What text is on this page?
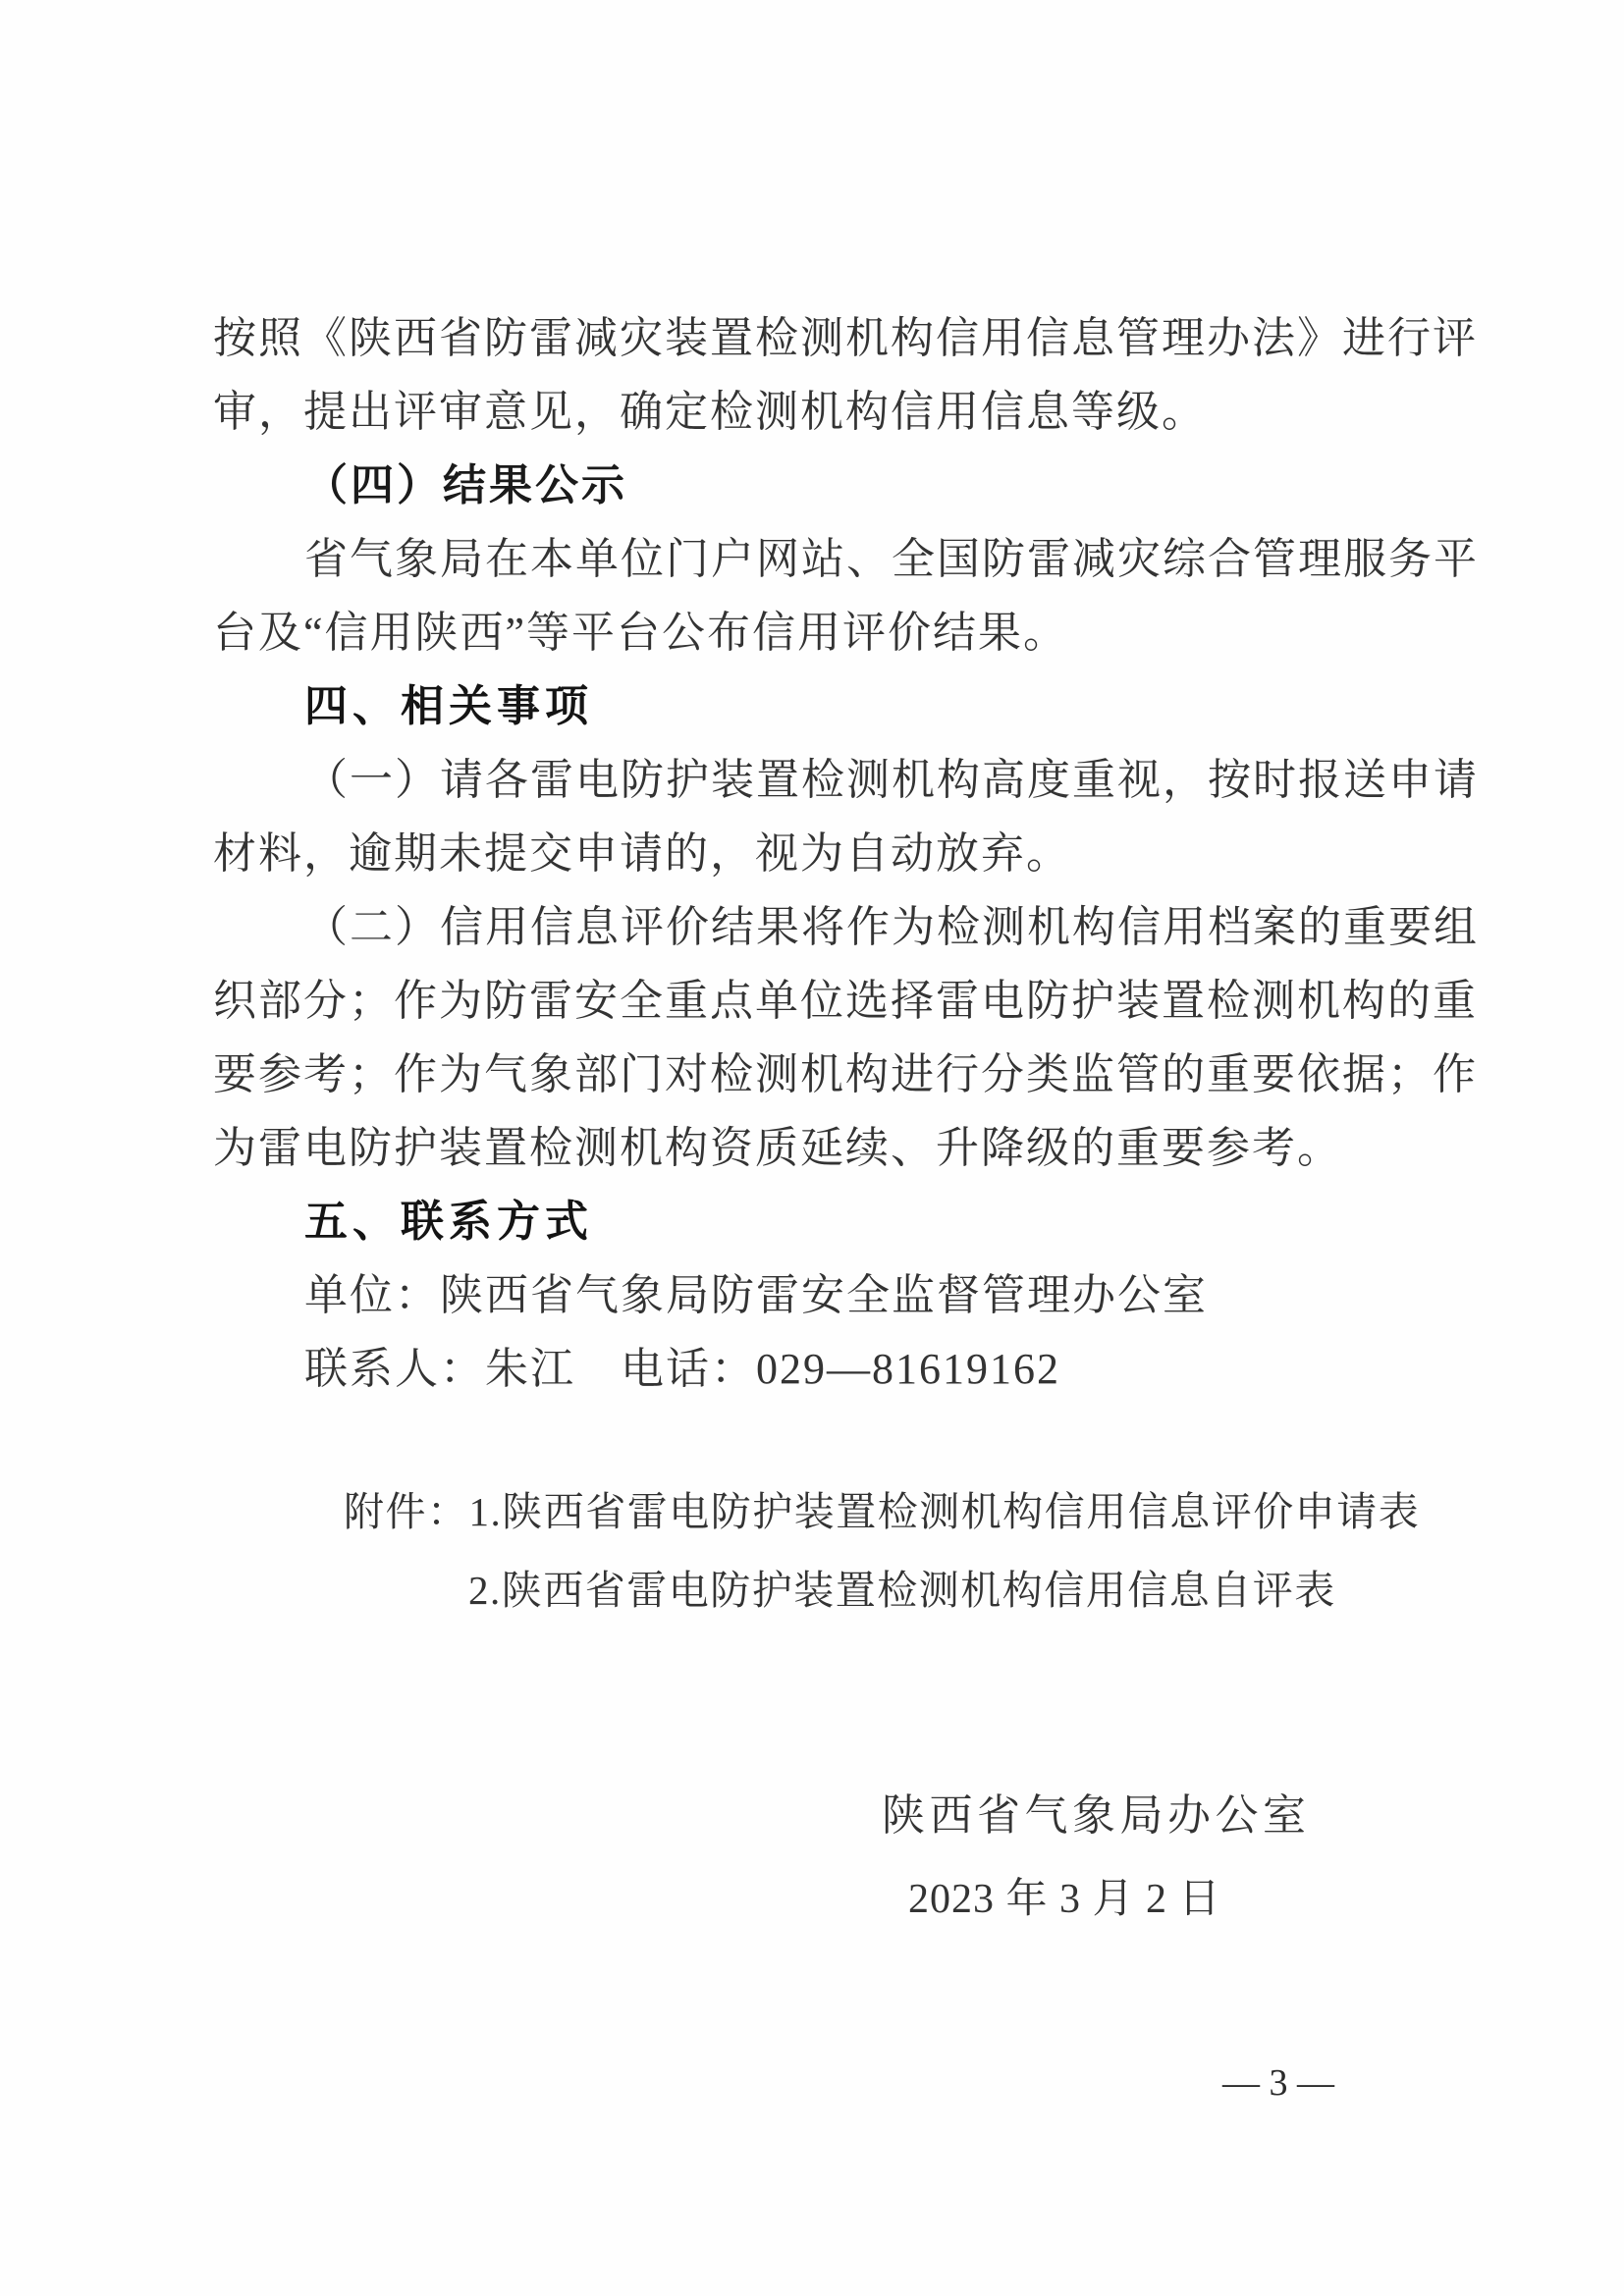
按照《陕西省防雷减灾装置检测机构信用信息管理办法》进行评
审，提出评审意见，确定检测机构信用信息等级。
（四）结果公示
省气象局在本单位门户网站、全国防雷减灾综合管理服务平
台及“信用陕西”等平台公布信用评价结果。
四、相关事项
（一）请各雷电防护装置检测机构高度重视，按时报送申请
材料，逾期未提交申请的，视为自动放弃。
（二）信用信息评价结果将作为检测机构信用档案的重要组
织部分；作为防雷安全重点单位选择雷电防护装置检测机构的重
要参考；作为气象部门对检测机构进行分类监管的重要依据；作
为雷电防护装置检测机构资质延续、升降级的重要参考。
五、联系方式
单位：陕西省气象局防雷安全监督管理办公室
联系人：朱江　电话：029—81619162
附件：1.陕西省雷电防护装置检测机构信用信息评价申请表
2.陕西省雷电防护装置检测机构信用信息自评表
陕西省气象局办公室
2023 年 3 月 2 日
— 3 —
